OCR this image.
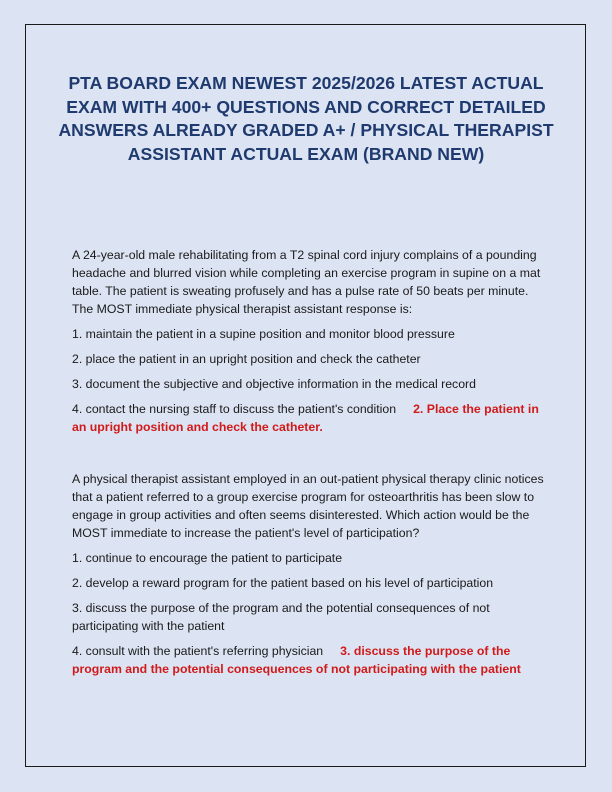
PTA BOARD EXAM NEWEST 2025/2026 LATEST ACTUAL EXAM WITH 400+ QUESTIONS AND CORRECT DETAILED ANSWERS ALREADY GRADED A+ / PHYSICAL THERAPIST ASSISTANT ACTUAL EXAM (BRAND NEW)

A 24-year-old male rehabilitating from a T2 spinal cord injury complains of a pounding headache and blurred vision while completing an exercise program in supine on a mat table. The patient is sweating profusely and has a pulse rate of 50 beats per minute. The MOST immediate physical therapist assistant response is:

1. maintain the patient in a supine position and monitor blood pressure

2. place the patient in an upright position and check the catheter

3. document the subjective and objective information in the medical record

4. contact the nursing staff to discuss the patient's condition 2. Place the patient in an upright position and check the catheter.

A physical therapist assistant employed in an out-patient physical therapy clinic notices that a patient referred to a group exercise program for osteoarthritis has been slow to engage in group activities and often seems disinterested. Which action would be the MOST immediate to increase the patient's level of participation?

1. continue to encourage the patient to participate

2. develop a reward program for the patient based on his level of participation

3. discuss the purpose of the program and the potential consequences of not participating with the patient

4. consult with the patient's referring physician 3. discuss the purpose of the program and the potential consequences of not participating with the patient
